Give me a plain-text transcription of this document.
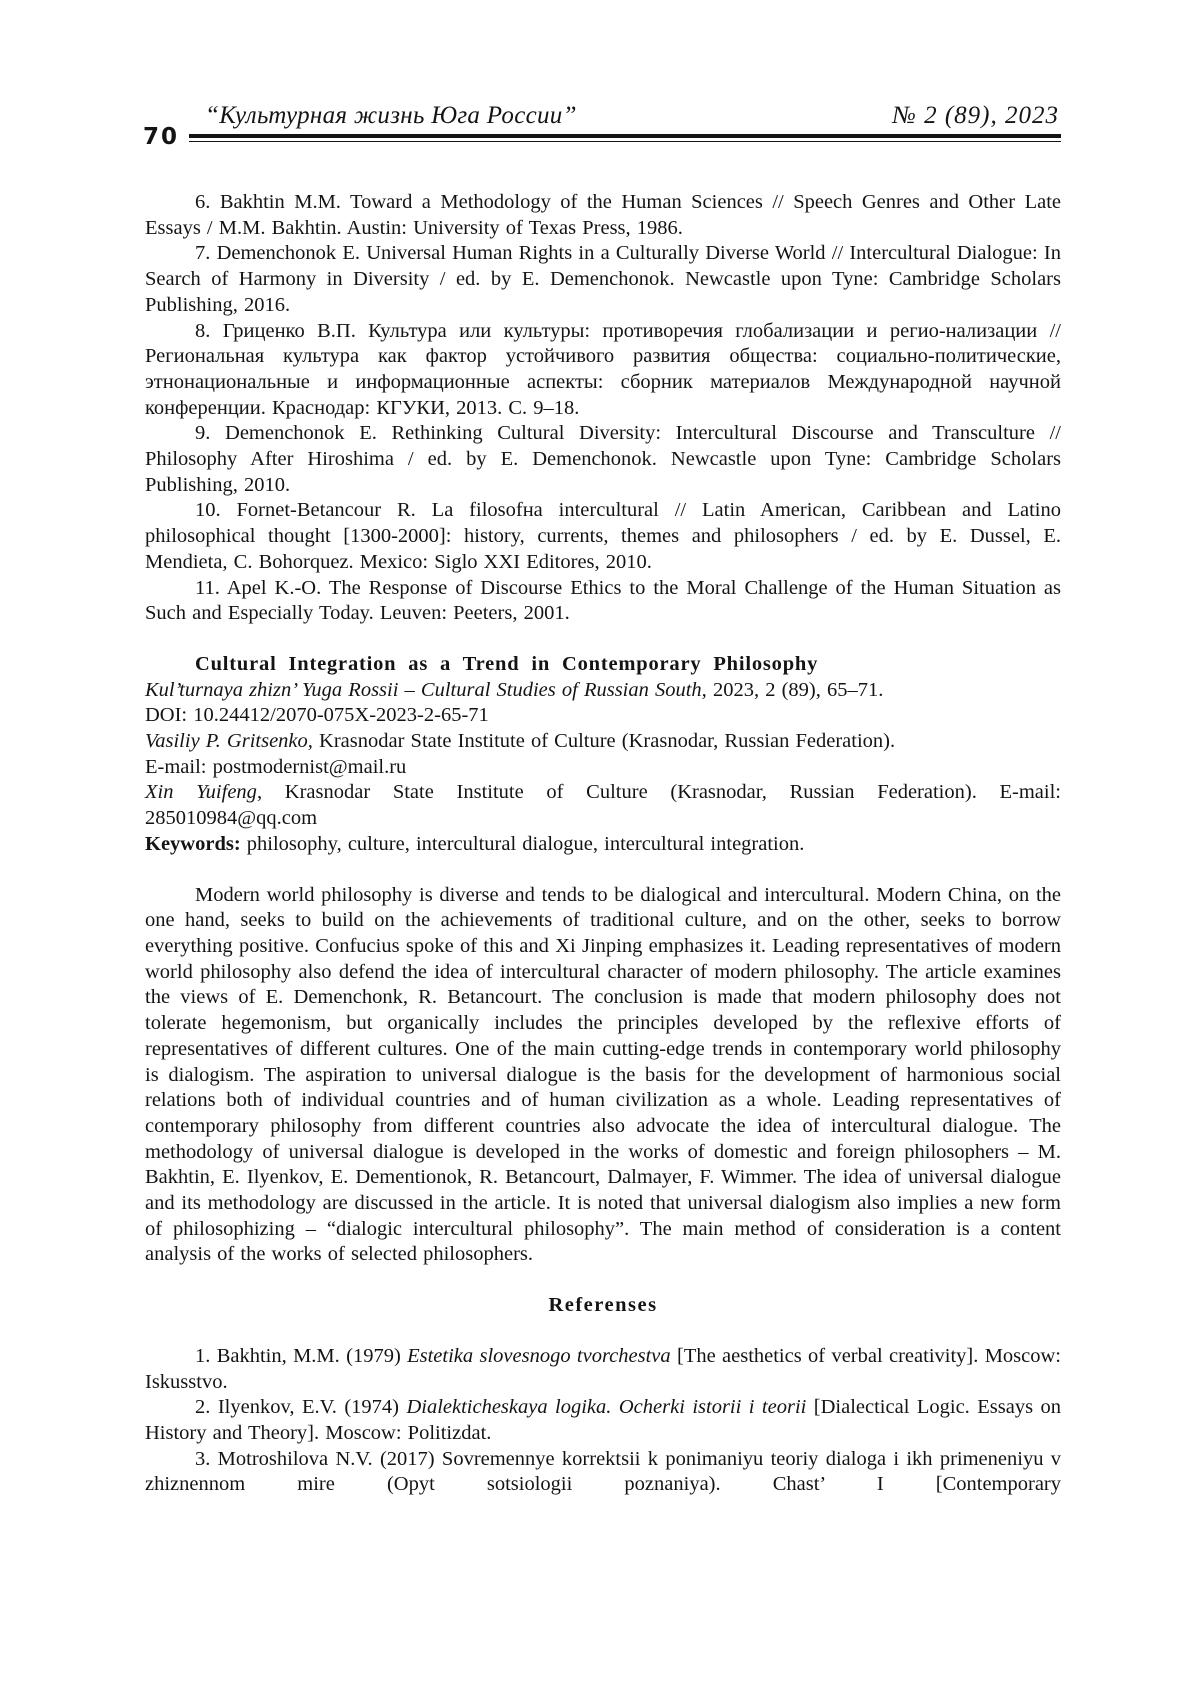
70
“Культурная жизнь Юга России”	№ 2 (89), 2023

6. Bakhtin M.M. Toward a Methodology of the Human Sciences // Speech Genres and Other Late Essays / M.M. Bakhtin. Austin: University of Texas Press, 1986.

7. Demenchonok E. Universal Human Rights in a Culturally Diverse World // Intercultural Dialogue: In Search of Harmony in Diversity / ed. by E. Demenchonok. Newcastle upon Tyne: Cambridge Scholars Publishing, 2016.

8. Гриценко В.П. Культура или культуры: противоречия глобализации и регио-нализации // Региональная культура как фактор устойчивого развития общества: социально-политические, этнонациональные и информационные аспекты: сборник материалов Международной научной конференции. Краснодар: КГУКИ, 2013. С. 9–18.

9. Demenchonok E. Rethinking Cultural Diversity: Intercultural Discourse and Transculture // Philosophy After Hiroshima / ed. by E. Demenchonok. Newcastle upon Tyne: Cambridge Scholars Publishing, 2010.

10. Fornet-Betancour R. La filosofнa intercultural // Latin American, Caribbean and Latino philosophical thought [1300-2000]: history, currents, themes and philosophers / ed. by E. Dussel, E. Mendieta, C. Bohorquez. Mexico: Siglo XXI Editores, 2010.

11. Apel K.-O. The Response of Discourse Ethics to the Moral Challenge of the Human Situation as Such and Especially Today. Leuven: Peeters, 2001.

Cultural Integration as a Trend in Contemporary Philosophy

Kul’turnaya zhizn’ Yuga Rossii – Cultural Studies of Russian South, 2023, 2 (89), 65–71.

DOI: 10.24412/2070-075X-2023-2-65-71

Vasiliy P. Gritsenko, Krasnodar State Institute of Culture (Krasnodar, Russian Federation).

E-mail: postmodernist@mail.ru

Xin Yuifeng, Krasnodar State Institute of Culture (Krasnodar, Russian Federation). E-mail: 285010984@qq.com

Keywords: philosophy, culture, intercultural dialogue, intercultural integration.

Modern world philosophy is diverse and tends to be dialogical and intercultural. Modern China, on the one hand, seeks to build on the achievements of traditional culture, and on the other, seeks to borrow everything positive. Confucius spoke of this and Xi Jinping emphasizes it. Leading representatives of modern world philosophy also defend the idea of intercultural character of modern philosophy. The article examines the views of E. Demenchonk, R. Betancourt. The conclusion is made that modern philosophy does not tolerate hegemonism, but organically includes the principles developed by the reflexive efforts of representatives of different cultures. One of the main cutting-edge trends in contemporary world philosophy is dialogism. The aspiration to universal dialogue is the basis for the development of harmonious social relations both of individual countries and of human civilization as a whole. Leading representatives of contemporary philosophy from different countries also advocate the idea of intercultural dialogue. The methodology of universal dialogue is developed in the works of domestic and foreign philosophers – M. Bakhtin, E. Ilyenkov, E. Dementionok, R. Betancourt, Dalmayer, F. Wimmer. The idea of universal dialogue and its methodology are discussed in the article. It is noted that universal dialogism also implies a new form of philosophizing – “dialogic intercultural philosophy”. The main method of consideration is a content analysis of the works of selected philosophers.

Referenses

1. Bakhtin, M.M. (1979) Estetika slovesnogo tvorchestva [The aesthetics of verbal creativity]. Moscow: Iskusstvo.

2. Ilyenkov, E.V. (1974) Dialekticheskaya logika. Ocherki istorii i teorii [Dialectical Logic. Essays on History and Theory]. Moscow: Politizdat.

3. Motroshilova N.V. (2017) Sovremennye korrektsii k ponimaniyu teoriy dialoga i ikh primeneniyu v zhiznennom mire (Opyt sotsiologii poznaniya). Chast’ I [Contemporary
